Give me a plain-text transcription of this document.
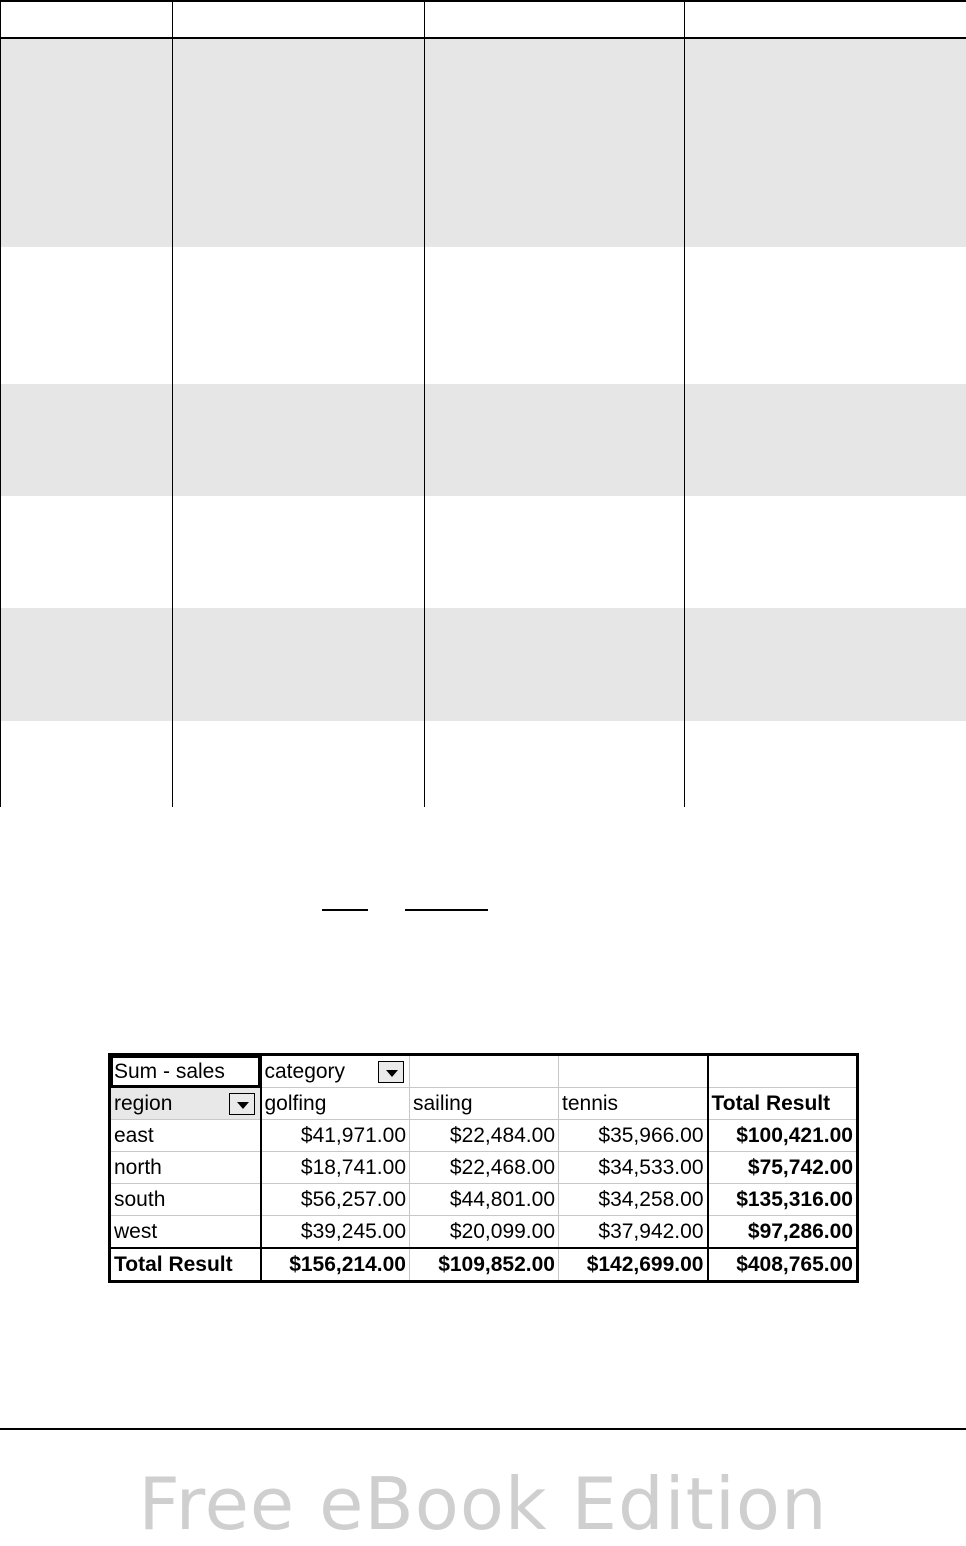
Sum - sales	category			

region	golfing	sailing	tennis	Total Result
east	$41,971.00	$22,484.00	$35,966.00	$100,421.00
north	$18,741.00	$22,468.00	$34,533.00	$75,742.00
south	$56,257.00	$44,801.00	$34,258.00	$135,316.00
west	$39,245.00	$20,099.00	$37,942.00	$97,286.00
Total Result	$156,214.00	$109,852.00	$142,699.00	$408,765.00
Free eBook Edition
